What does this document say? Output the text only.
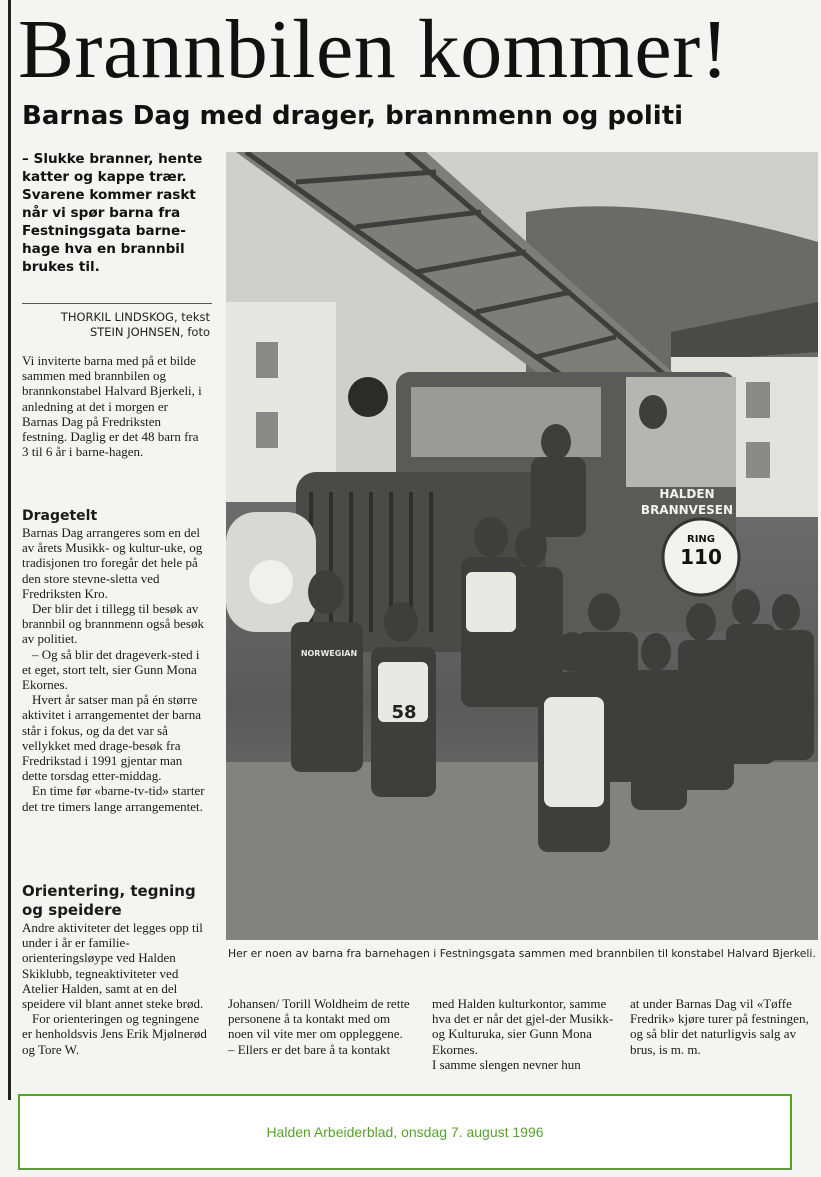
Brannbilen kommer!
Barnas Dag med drager, brannmenn og politi
– Slukke branner, hente katter og kappe trær. Svarene kommer raskt når vi spør barna fra Festningsgata barne-hage hva en brannbil brukes til.
THORKIL LINDSKOG, tekst
STEIN JOHNSEN, foto
Vi inviterte barna med på et bilde sammen med brannbilen og brannkonstabel Halvard Bjerkeli, i anledning at det i morgen er Barnas Dag på Fredriksten festning. Daglig er det 48 barn fra 3 til 6 år i barne-hagen.

Dragetelt

Barnas Dag arrangeres som en del av årets Musikk- og kultur-uke, og tradisjonen tro foregår det hele på den store stevne-sletta ved Fredriksten Kro.

Der blir det i tillegg til besøk av brannbil og brannmenn også besøk av politiet.

– Og så blir det drageverk-sted i et eget, stort telt, sier Gunn Mona Ekornes.

Hvert år satser man på én større aktivitet i arrangementet der barna står i fokus, og da det var så vellykket med drage-besøk fra Fredrikstad i 1991 gjentar man dette torsdag etter-middag.

En time før «barne-tv-tid» starter det tre timers lange arrangementet.

Orientering, tegning og speidere

Andre aktiviteter det legges opp til under i år er familie-orienteringsløype ved Halden Skiklubb, tegneaktiviteter ved Atelier Halden, samt at en del speidere vil blant annet steke brød.

For orienteringen og tegningene er henholdsvis Jens Erik Mjølnerød og Tore W.

HALDEN
BRANNVESEN
RING
110
NORWEGIAN
58
Her er noen av barna fra barnehagen i Festningsgata sammen med brannbilen til konstabel Halvard Bjerkeli.
Johansen/ Torill Woldheim de rette personene å ta kontakt med om noen vil vite mer om oppleggene.
– Ellers er det bare å ta kontakt
med Halden kulturkontor, samme hva det er når det gjel-der Musikk- og Kulturuka, sier Gunn Mona Ekornes.
I samme slengen nevner hun
at under Barnas Dag vil «Tøffe Fredrik» kjøre turer på festningen, og så blir det naturligvis salg av brus, is m. m.
Halden Arbeiderblad, onsdag 7. august 1996
